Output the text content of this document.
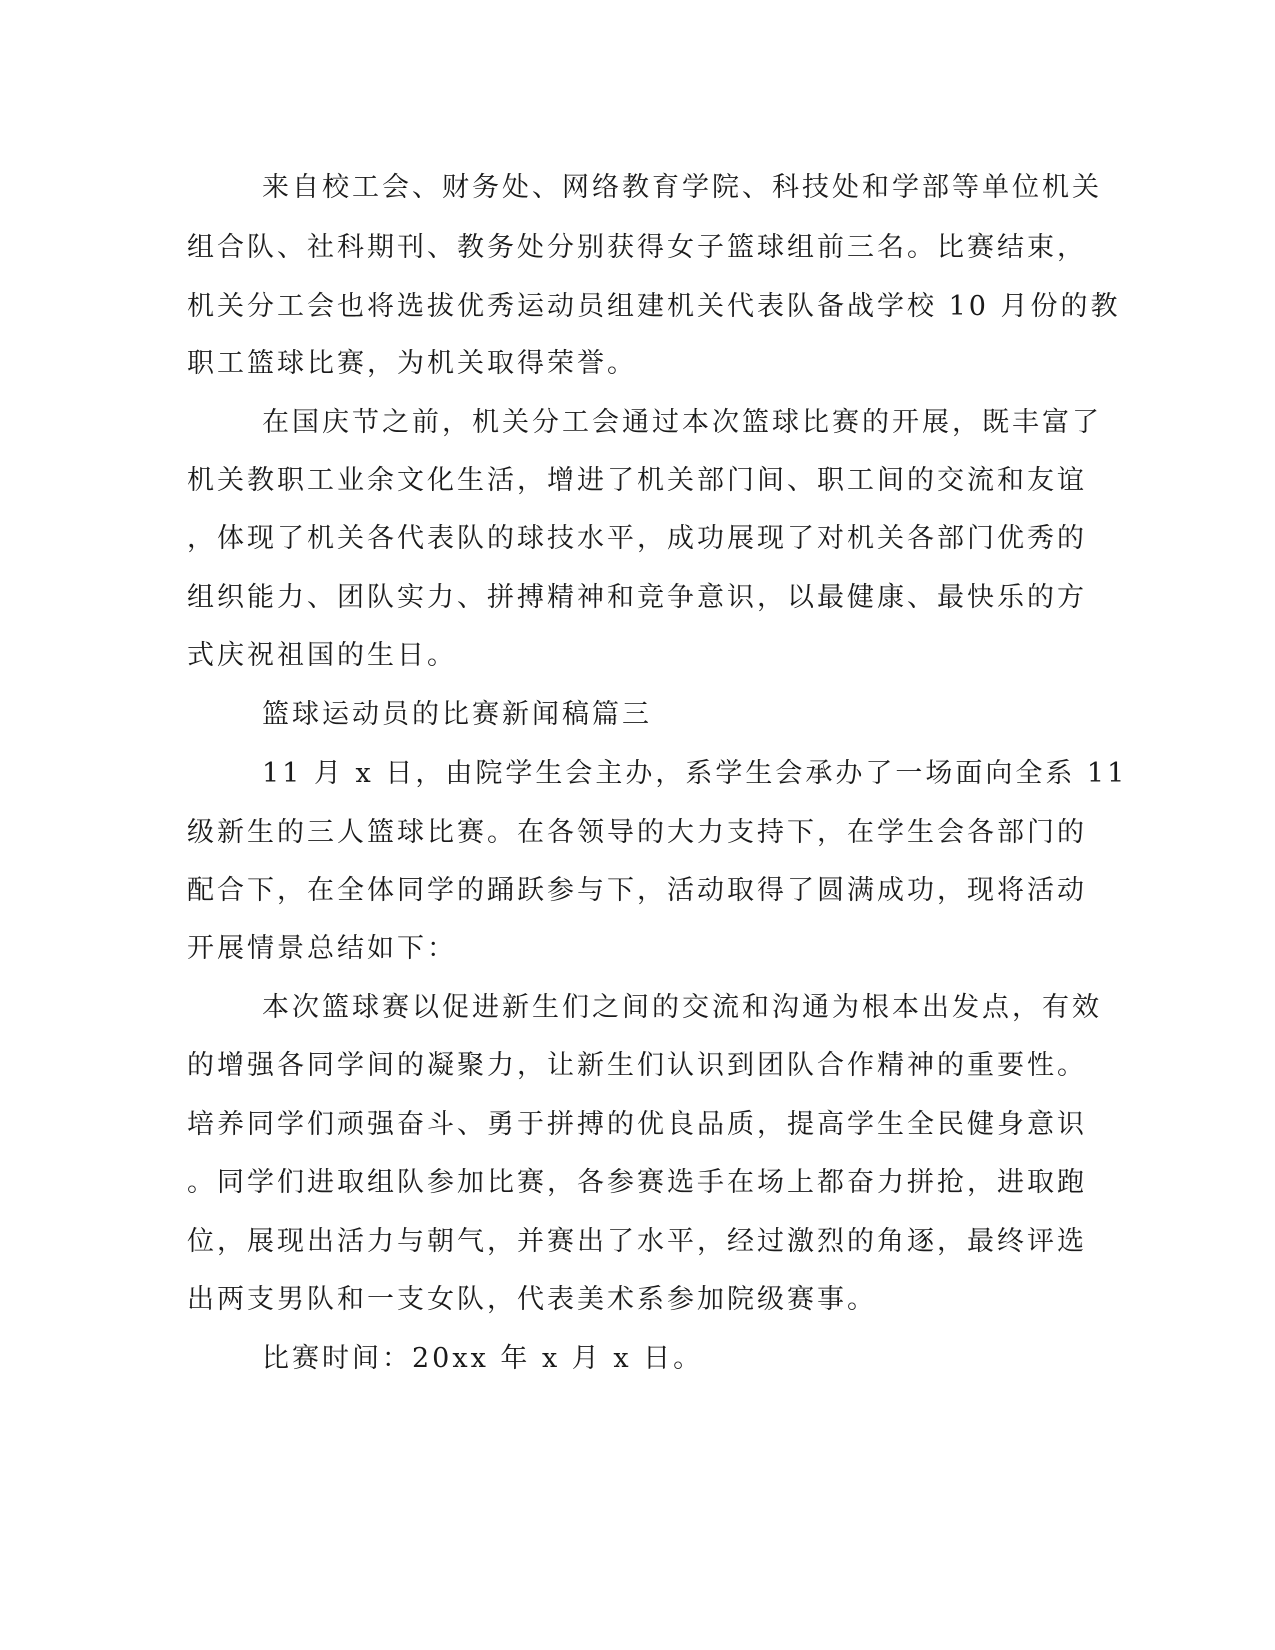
来自校工会、财务处、网络教育学院、科技处和学部等单位机关
组合队、社科期刊、教务处分别获得女子篮球组前三名。比赛结束，
机关分工会也将选拔优秀运动员组建机关代表队备战学校 10 月份的教
职工篮球比赛，为机关取得荣誉。
在国庆节之前，机关分工会通过本次篮球比赛的开展，既丰富了
机关教职工业余文化生活，增进了机关部门间、职工间的交流和友谊
，体现了机关各代表队的球技水平，成功展现了对机关各部门优秀的
组织能力、团队实力、拼搏精神和竞争意识，以最健康、最快乐的方
式庆祝祖国的生日。
篮球运动员的比赛新闻稿篇三
11 月 x 日，由院学生会主办，系学生会承办了一场面向全系 11
级新生的三人篮球比赛。在各领导的大力支持下，在学生会各部门的
配合下，在全体同学的踊跃参与下，活动取得了圆满成功，现将活动
开展情景总结如下：
本次篮球赛以促进新生们之间的交流和沟通为根本出发点，有效
的增强各同学间的凝聚力，让新生们认识到团队合作精神的重要性。
培养同学们顽强奋斗、勇于拼搏的优良品质，提高学生全民健身意识
。同学们进取组队参加比赛，各参赛选手在场上都奋力拼抢，进取跑
位，展现出活力与朝气，并赛出了水平，经过激烈的角逐，最终评选
出两支男队和一支女队，代表美术系参加院级赛事。
比赛时间：20xx 年 x 月 x 日。
